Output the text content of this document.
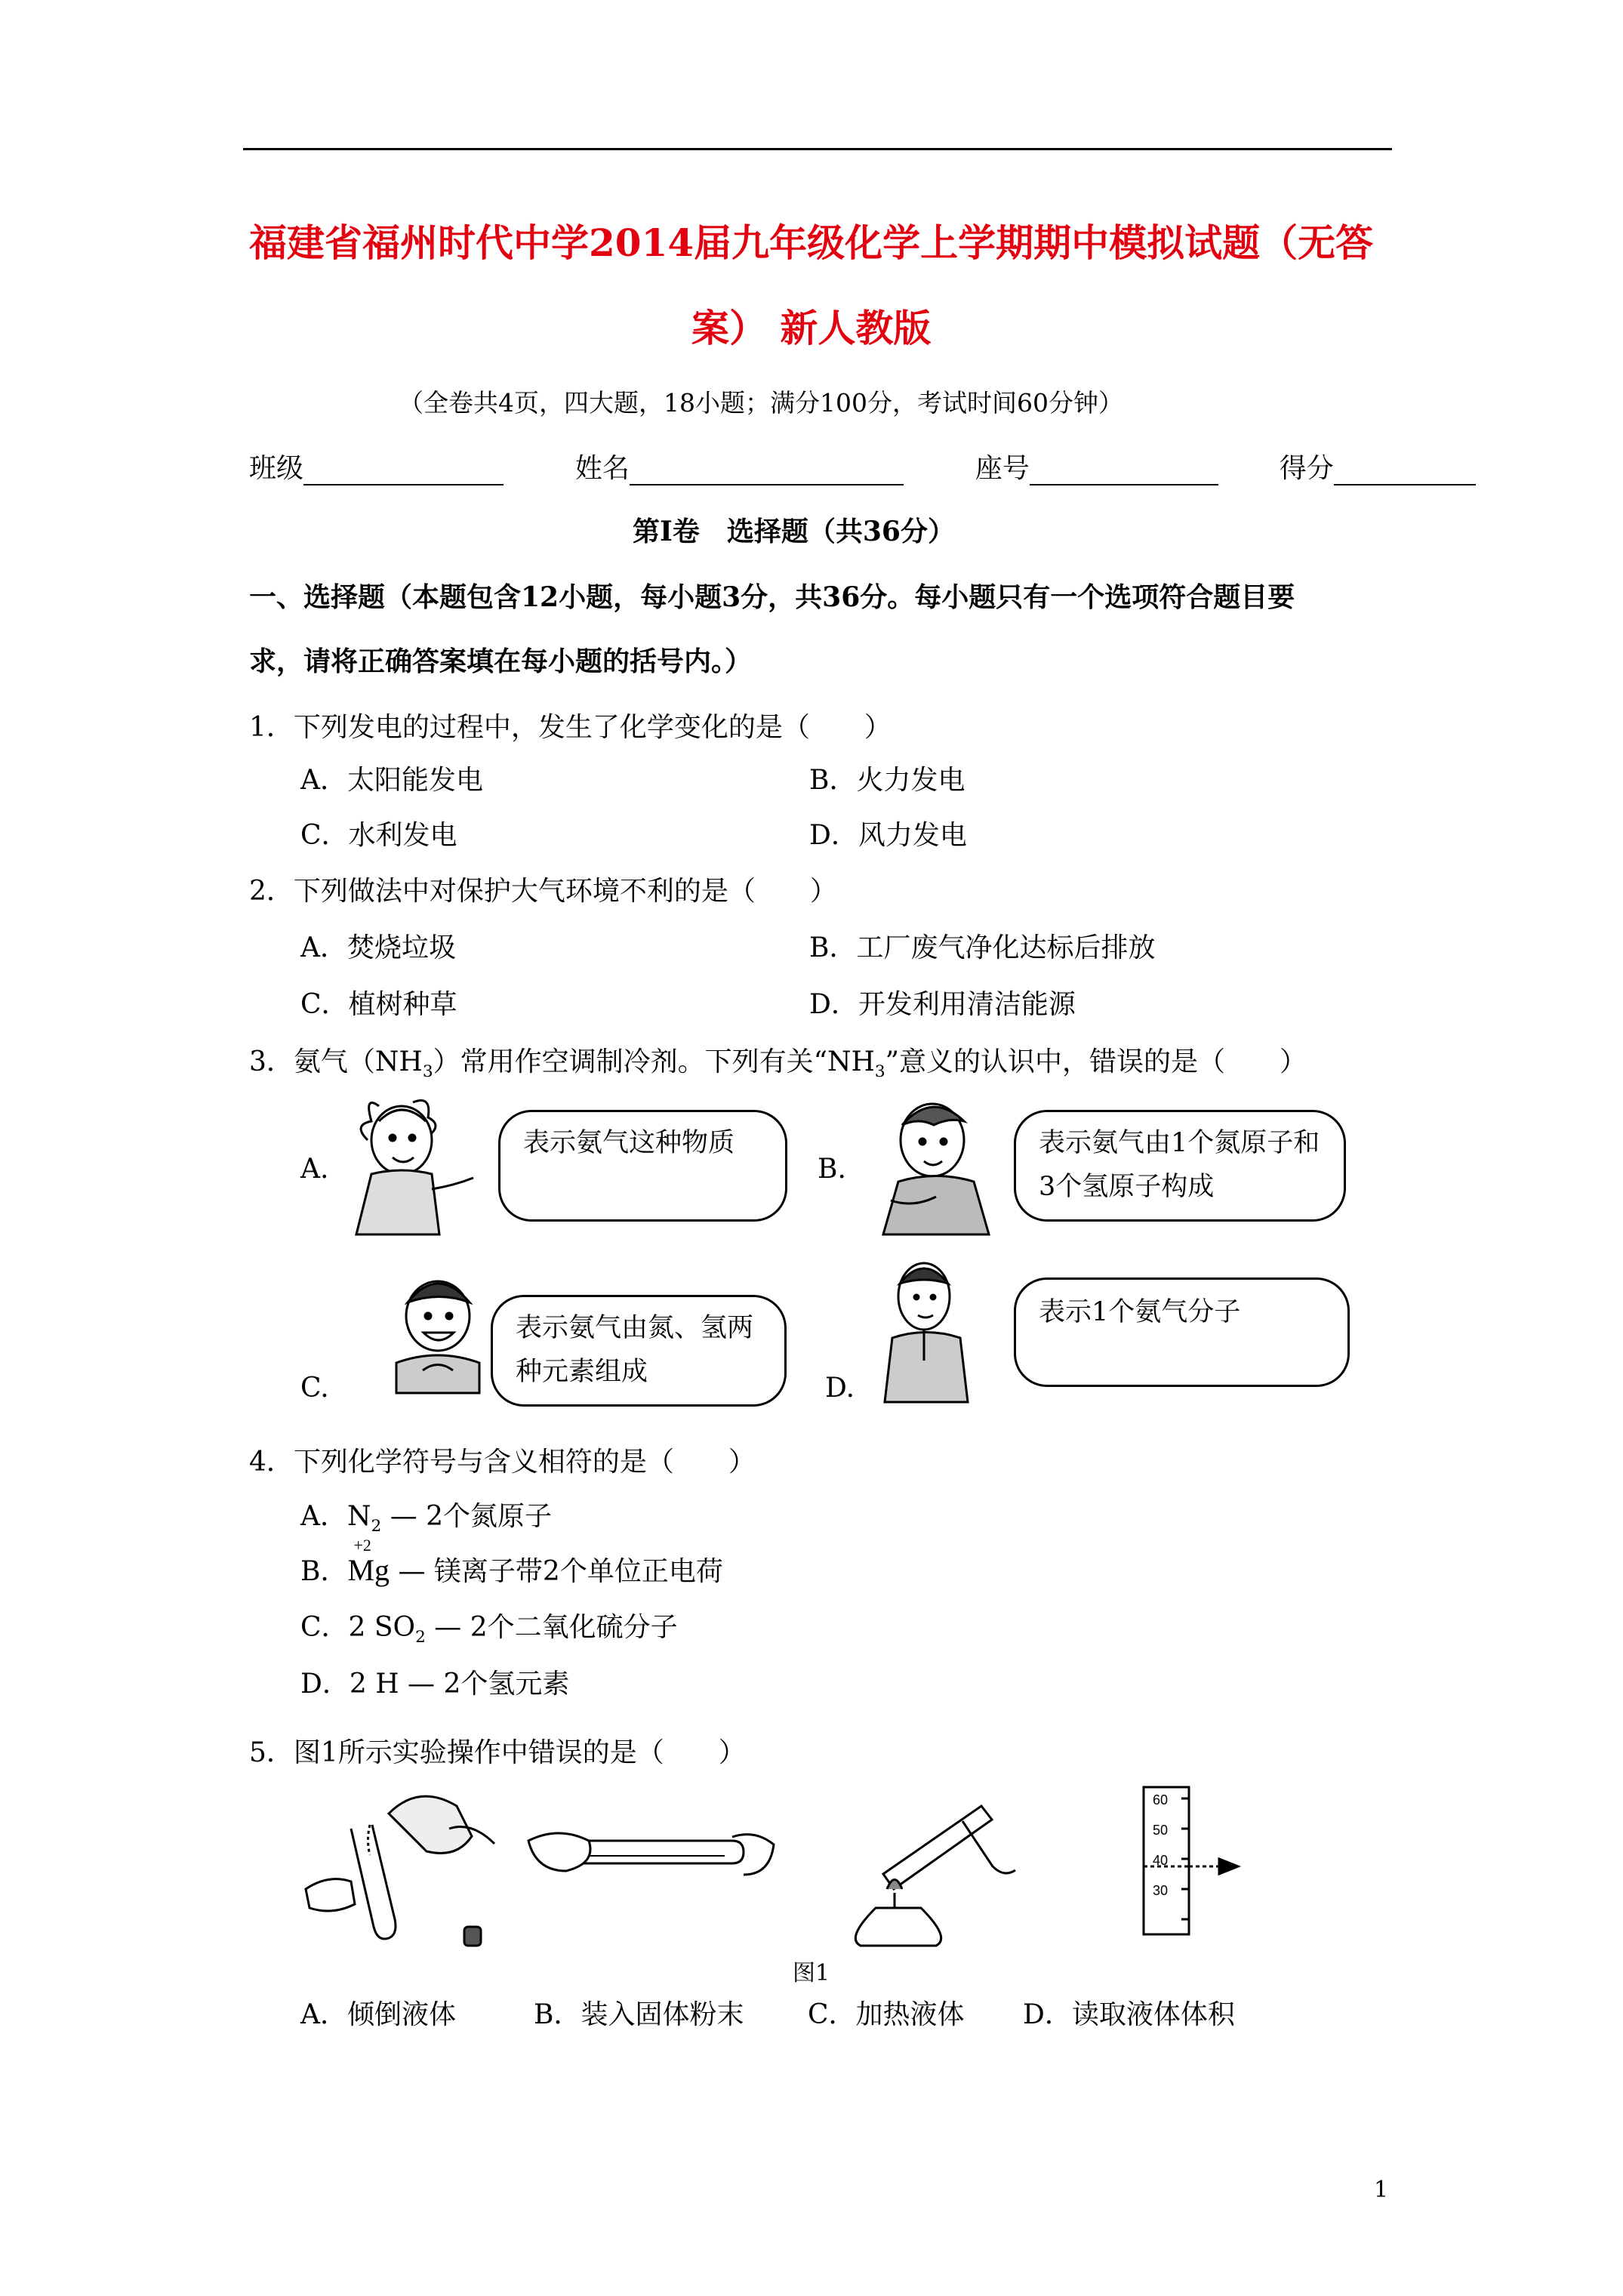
福建省福州时代中学2014届九年级化学上学期期中模拟试题（无答
案） 新人教版
（全卷共4页，四大题，18小题；满分100分，考试时间60分钟）
班级	姓名	座号	得分
第Ⅰ卷　选择题（共36分）
一、选择题（本题包含12小题，每小题3分，共36分。每小题只有一个选项符合题目要
求，请将正确答案填在每小题的括号内。）
1．下列发电的过程中，发生了化学变化的是（　　）
A．太阳能发电	B．火力发电
C．水利发电	D．风力发电
2．下列做法中对保护大气环境不利的是（　　）
A．焚烧垃圾	B．工厂废气净化达标后排放
C．植树种草	D．开发利用清洁能源
3．氨气$(NH_3)$常用作空调制冷剂。下列有关“$NH_3$”意义的认识中，错误的是（　　）
A.
表示氨气这种物质
B.
表示氨气由1个氮原子和3个氢原子构成
C.
表示氨气由氮、氢两种元素组成
D.
表示1个氨气分子
4．下列化学符号与含义相符的是（　　）
A．$N_2$ — 2个氮原子
B．
+2
Mg — 镁离子带2个单位正电荷
C．2 $SO_2$ — 2个二氧化硫分子
D．2 H — 2个氢元素
5．图1所示实验操作中错误的是（　　）
60
50
40
30
图1
A．倾倒液体	B．装入固体粉末 C．加热液体 D．读取液体体积
1
